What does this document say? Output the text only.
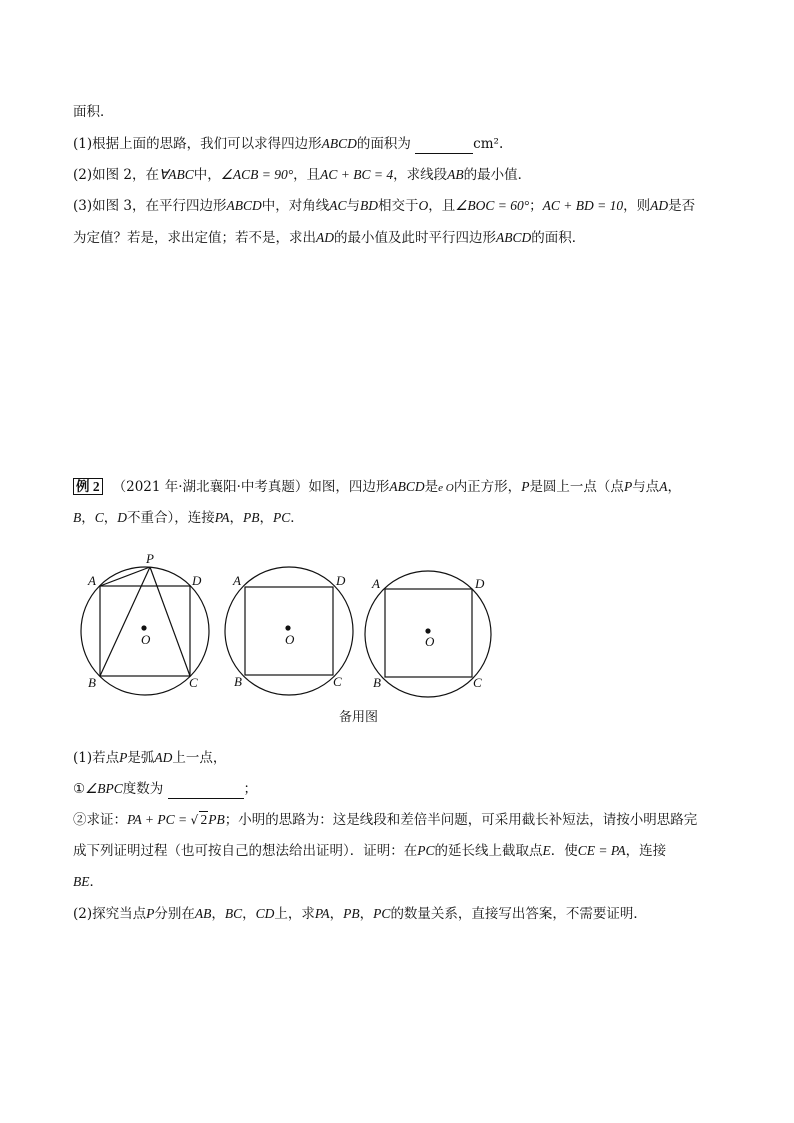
面积．
(1)根据上面的思路，我们可以求得四边形ABCD的面积为	cm².
(2)如图 2，在∀ABC中，∠ACB = 90°，且AC + BC = 4，求线段AB的最小值．
(3)如图 3，在平行四边形ABCD中，对角线AC与BD相交于O，且∠BOC = 60°；AC + BD = 10，则AD是否
为定值？若是，求出定值；若不是，求出AD的最小值及此时平行四边形ABCD的面积．
例 2 （2021 年·湖北襄阳·中考真题）如图，四边形ABCD是e O内正方形，P是圆上一点（点P与点A，
B，C，D不重合），连接PA，PB，PC．
P
A	D
B	C
O
A	D
B	C
O
A	D
B	C
O
备用图
(1)若点P是弧AD上一点，
①∠BPC度数为	；
②求证：PA + PC = √ 2PB；小明的思路为：这是线段和差倍半问题，可采用截长补短法，请按小明思路完
成下列证明过程（也可按自己的想法给出证明）．证明：在PC的延长线上截取点E．使CE = PA，连接
BE．
(2)探究当点P分别在AB，BC，CD上，求PA，PB，PC的数量关系，直接写出答案，不需要证明．
